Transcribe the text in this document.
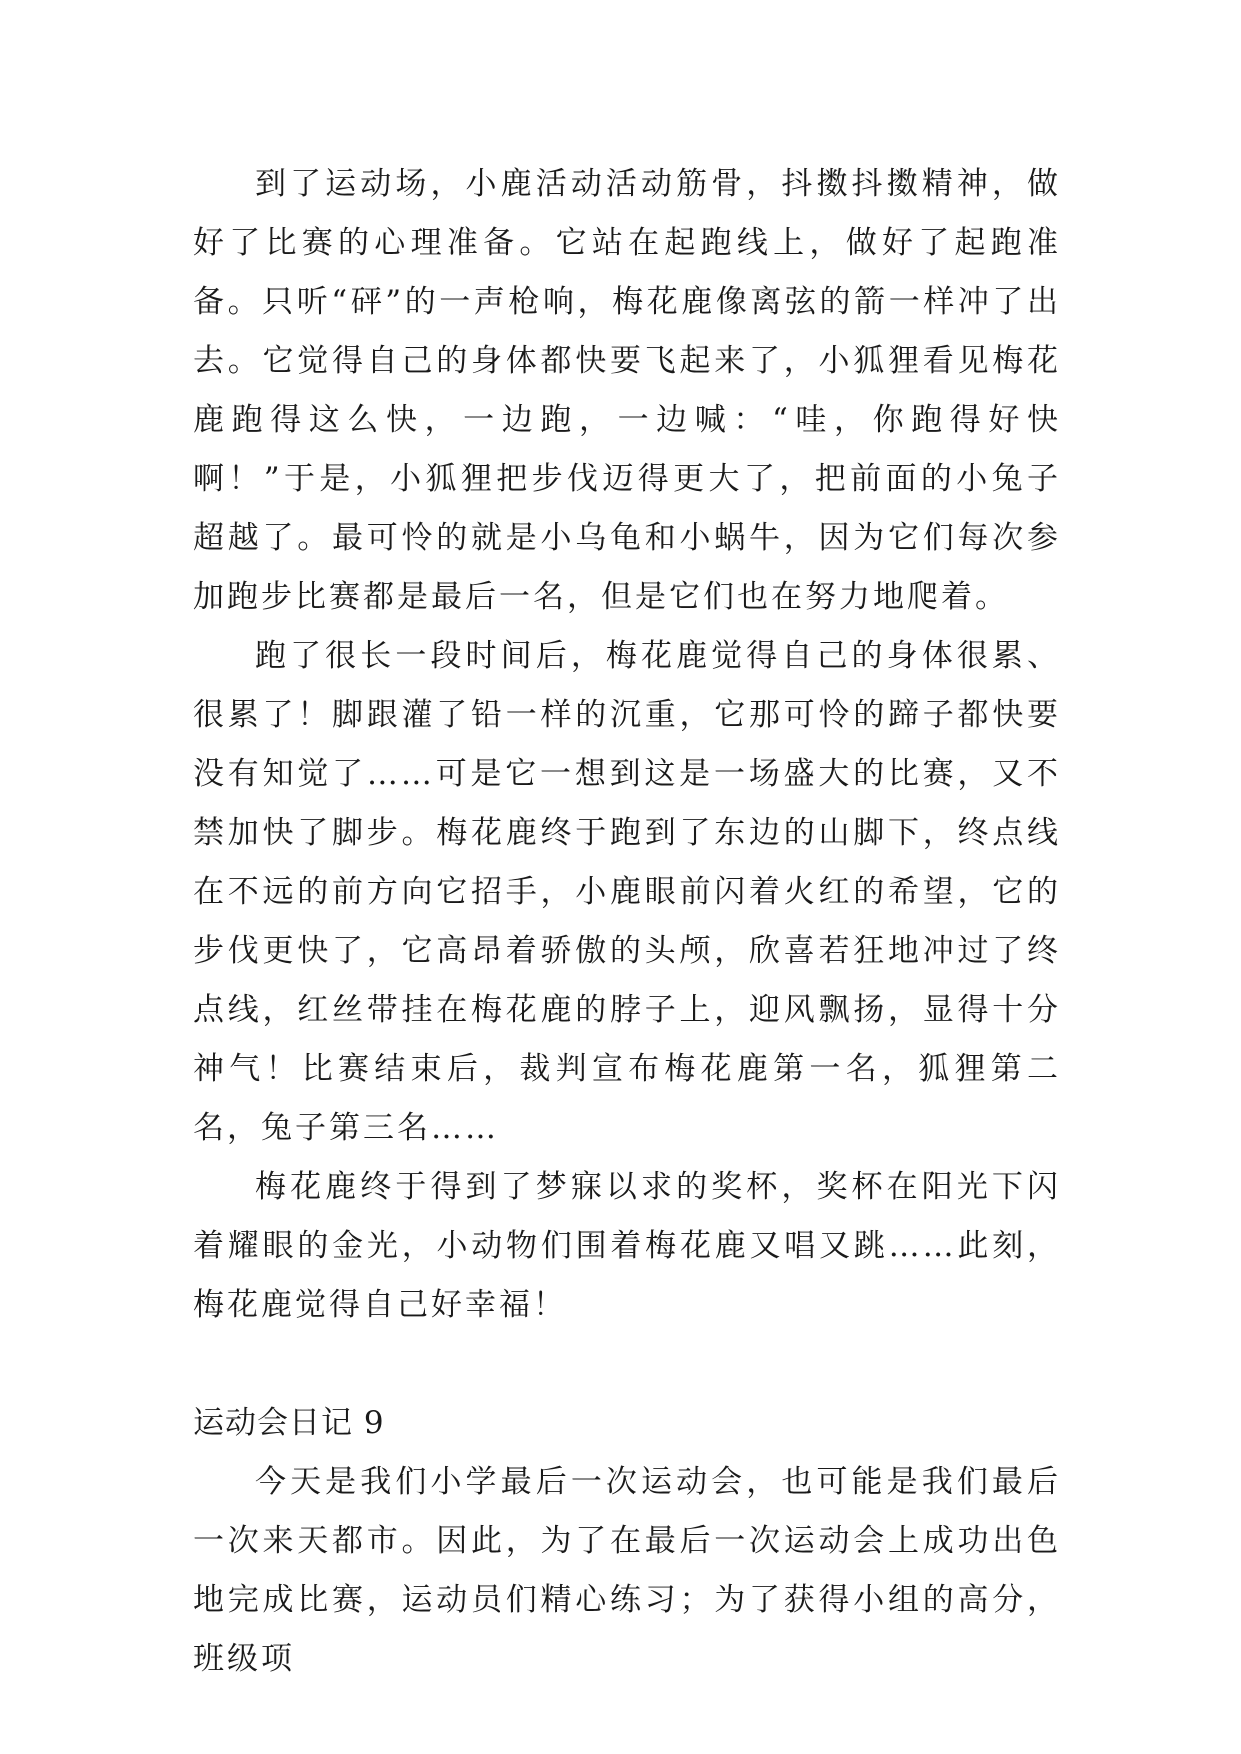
到了运动场，小鹿活动活动筋骨，抖擞抖擞精神，做好了比赛的心理准备。它站在起跑线上，做好了起跑准备。只听“砰”的一声枪响，梅花鹿像离弦的箭一样冲了出去。它觉得自己的身体都快要飞起来了，小狐狸看见梅花鹿跑得这么快，一边跑，一边喊：“哇，你跑得好快啊！”于是，小狐狸把步伐迈得更大了，把前面的小兔子超越了。最可怜的就是小乌龟和小蜗牛，因为它们每次参加跑步比赛都是最后一名，但是它们也在努力地爬着。

跑了很长一段时间后，梅花鹿觉得自己的身体很累、很累了！脚跟灌了铅一样的沉重，它那可怜的蹄子都快要没有知觉了……可是它一想到这是一场盛大的比赛，又不禁加快了脚步。梅花鹿终于跑到了东边的山脚下，终点线在不远的前方向它招手，小鹿眼前闪着火红的希望，它的步伐更快了，它高昂着骄傲的头颅，欣喜若狂地冲过了终点线，红丝带挂在梅花鹿的脖子上，迎风飘扬，显得十分神气！比赛结束后，裁判宣布梅花鹿第一名，狐狸第二名，兔子第三名……

梅花鹿终于得到了梦寐以求的奖杯，奖杯在阳光下闪着耀眼的金光，小动物们围着梅花鹿又唱又跳……此刻，梅花鹿觉得自己好幸福！

运动会日记 9

今天是我们小学最后一次运动会，也可能是我们最后一次来天都市。因此，为了在最后一次运动会上成功出色地完成比赛，运动员们精心练习；为了获得小组的高分，班级项
